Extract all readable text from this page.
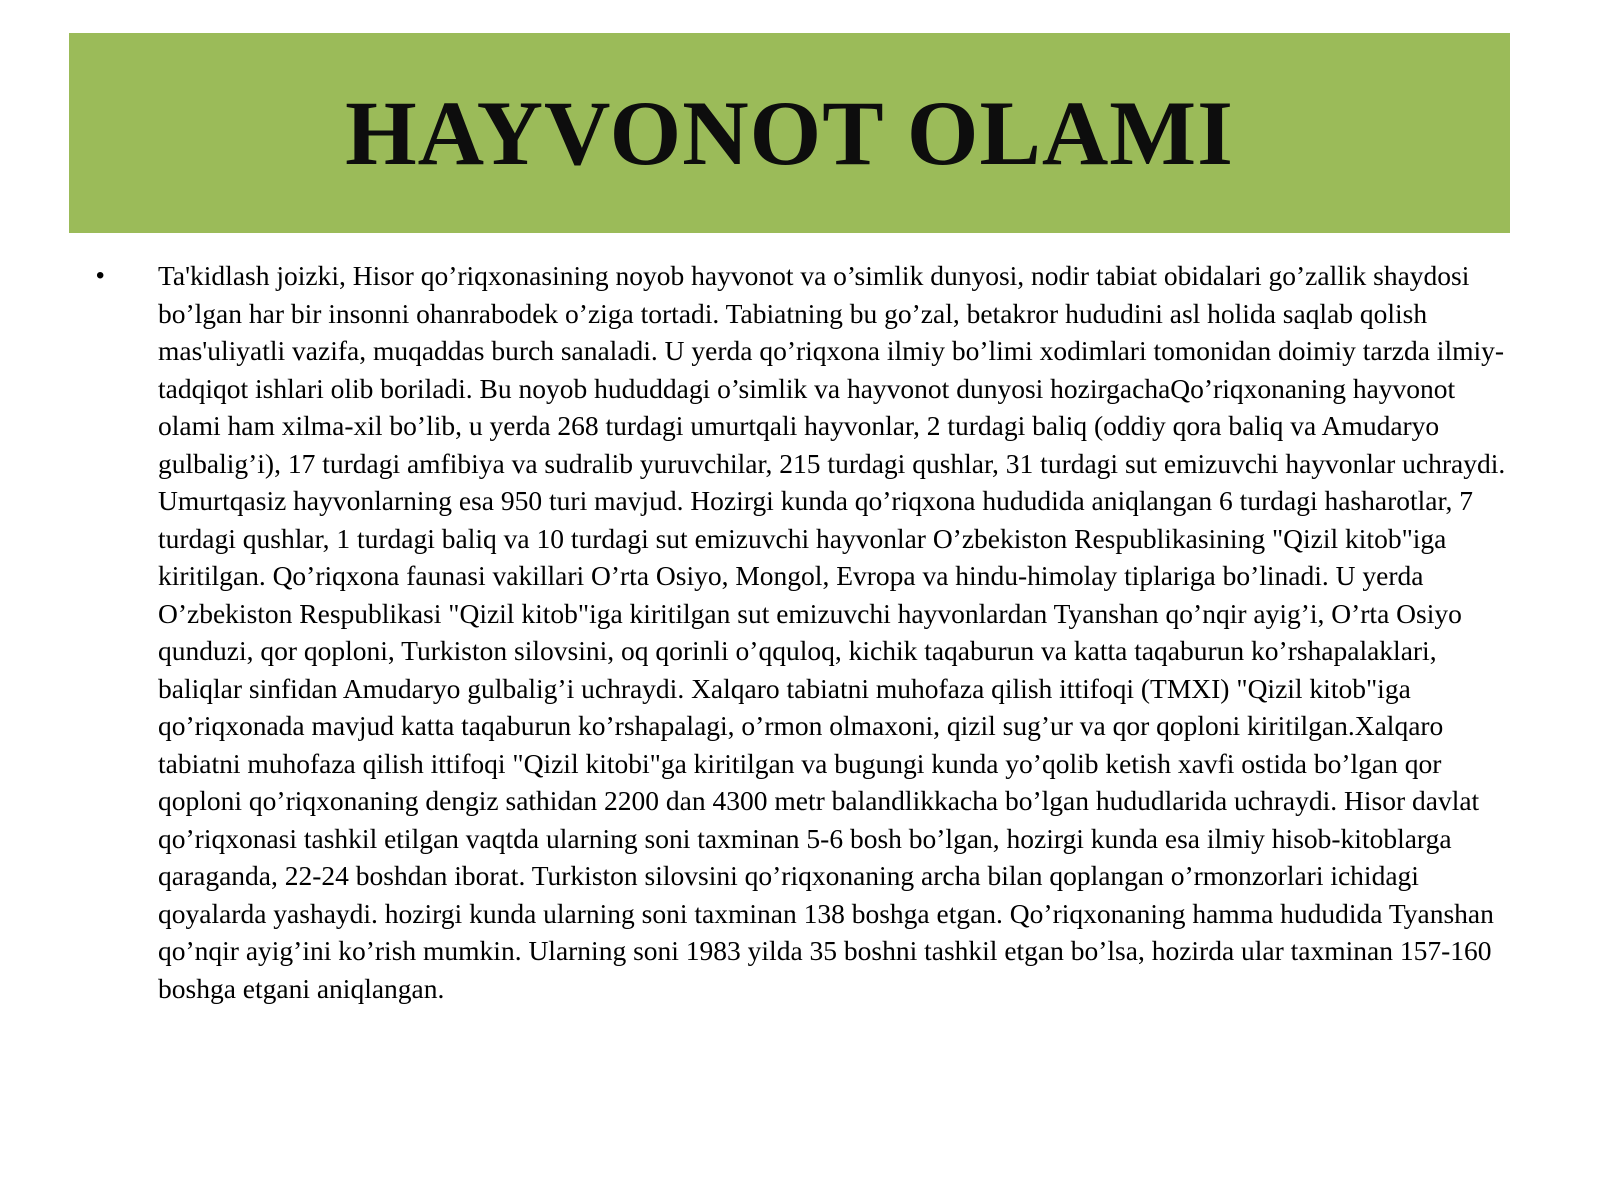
HAYVONOT OLAMI
•	Ta'kidlash joizki, Hisor qo’riqxonasining noyob hayvonot va o’simlik dunyosi, nodir tabiat obidalari go’zallik shaydosi bo’lgan har bir insonni ohanrabodek o’ziga tortadi. Tabiatning bu go’zal, betakror hududini asl holida saqlab qolish mas'uliyatli vazifa, muqaddas burch sanaladi. U yerda qo’riqxona ilmiy bo’limi xodimlari tomonidan doimiy tarzda ilmiy-tadqiqot ishlari olib boriladi. Bu noyob hududdagi o’simlik va hayvonot dunyosi hozirgachaQo’riqxonaning hayvonot olami ham xilma-xil bo’lib, u yerda 268 turdagi umurtqali hayvonlar, 2 turdagi baliq (oddiy qora baliq va Amudaryo gulbalig’i), 17 turdagi amfibiya va sudralib yuruvchilar, 215 turdagi qushlar, 31 turdagi sut emizuvchi hayvonlar uchraydi. Umurtqasiz hayvonlarning esa 950 turi mavjud. Hozirgi kunda qo’riqxona hududida aniqlangan 6 turdagi hasharotlar, 7 turdagi qushlar, 1 turdagi baliq va 10 turdagi sut emizuvchi hayvonlar O’zbekiston Respublikasining "Qizil kitob"iga kiritilgan. Qo’riqxona faunasi vakillari O’rta Osiyo, Mongol, Evropa va hindu-himolay tiplariga bo’linadi. U yerda O’zbekiston Respublikasi "Qizil kitob"iga kiritilgan sut emizuvchi hayvonlardan Tyanshan qo’nqir ayig’i, O’rta Osiyo qunduzi, qor qoploni, Turkiston silovsini, oq qorinli o’qquloq, kichik taqaburun va katta taqaburun ko’rshapalaklari, baliqlar sinfidan Amudaryo gulbalig’i uchraydi. Xalqaro tabiatni muhofaza qilish ittifoqi (TMXI) "Qizil kitob"iga qo’riqxonada mavjud katta taqaburun ko’rshapalagi, o’rmon olmaxoni, qizil sug’ur va qor qoploni kiritilgan.Xalqaro tabiatni muhofaza qilish ittifoqi "Qizil kitobi"ga kiritilgan va bugungi kunda yo’qolib ketish xavfi ostida bo’lgan qor qoploni qo’riqxonaning dengiz sathidan 2200 dan 4300 metr balandlikkacha bo’lgan hududlarida uchraydi. Hisor davlat qo’riqxonasi tashkil etilgan vaqtda ularning soni taxminan 5-6 bosh bo’lgan, hozirgi kunda esa ilmiy hisob-kitoblarga qaraganda, 22-24 boshdan iborat. Turkiston silovsini qo’riqxonaning archa bilan qoplangan o’rmonzorlari ichidagi qoyalarda yashaydi. hozirgi kunda ularning soni taxminan 138 boshga etgan. Qo’riqxonaning hamma hududida Tyanshan qo’nqir ayig’ini ko’rish mumkin. Ularning soni 1983 yilda 35 boshni tashkil etgan bo’lsa, hozirda ular taxminan 157-160 boshga etgani aniqlangan.
